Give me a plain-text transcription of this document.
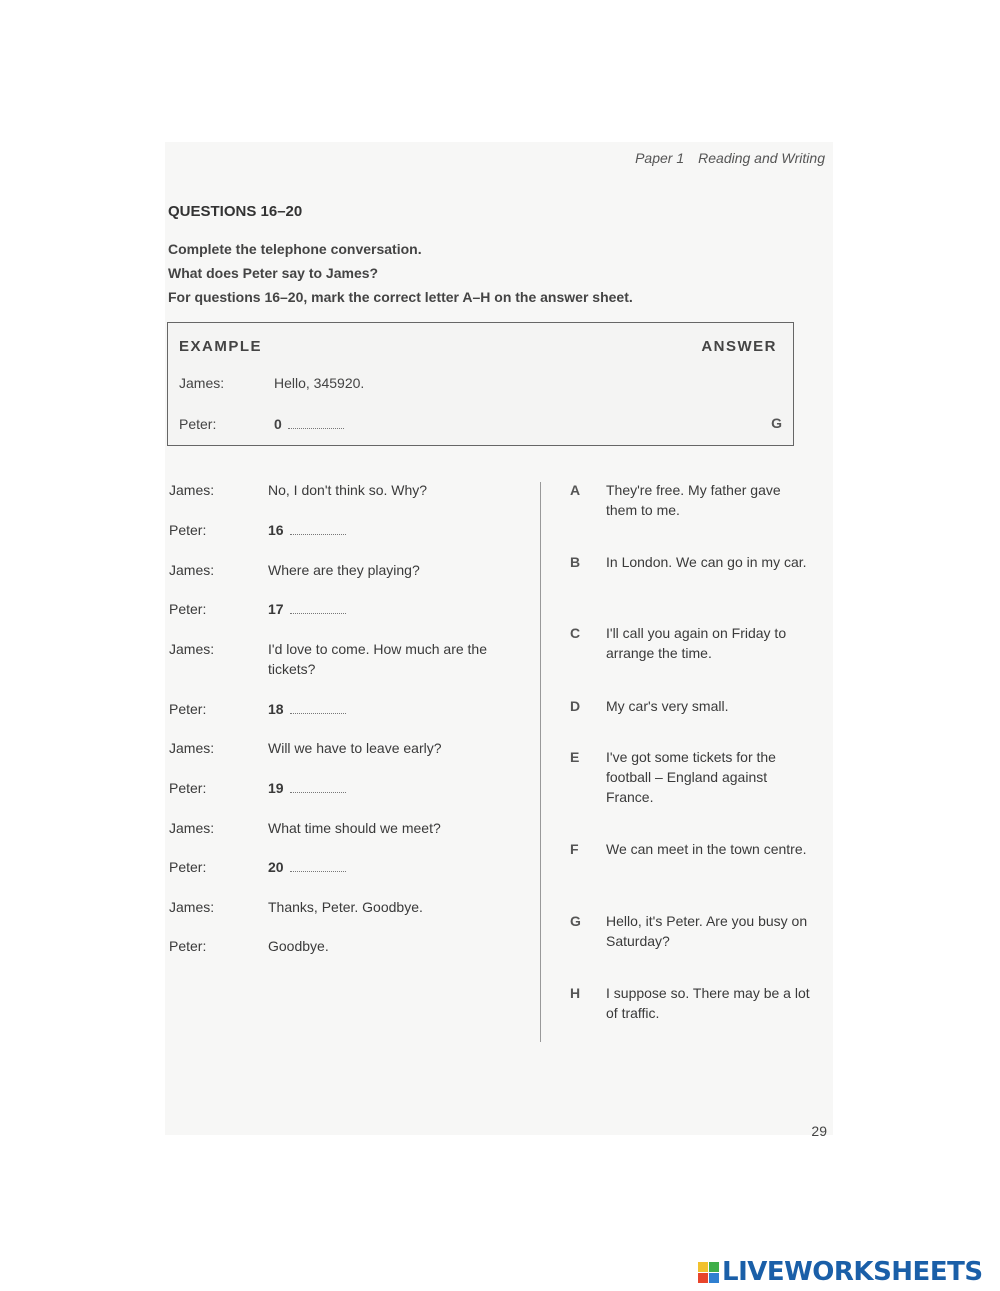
Paper 1 Reading and Writing
QUESTIONS 16–20
Complete the telephone conversation.
What does Peter say to James?
For questions 16–20, mark the correct letter A–H on the answer sheet.
EXAMPLE	ANSWER
James:	Hello, 345920.
Peter:	0	G
James:	No, I don't think so. Why?
Peter:	16
James:	Where are they playing?
Peter:	17
James:	I'd love to come. How much are the tickets?
Peter:	18
James:	Will we have to leave early?
Peter:	19
James:	What time should we meet?
Peter:	20
James:	Thanks, Peter. Goodbye.
Peter:	Goodbye.
A They're free. My father gave them to me.
B In London. We can go in my car.
C I'll call you again on Friday to arrange the time.
D My car's very small.
E I've got some tickets for the football – England against France.
F We can meet in the town centre.
G Hello, it's Peter. Are you busy on Saturday?
H I suppose so. There may be a lot of traffic.
29
LIVEWORKSHEETS
